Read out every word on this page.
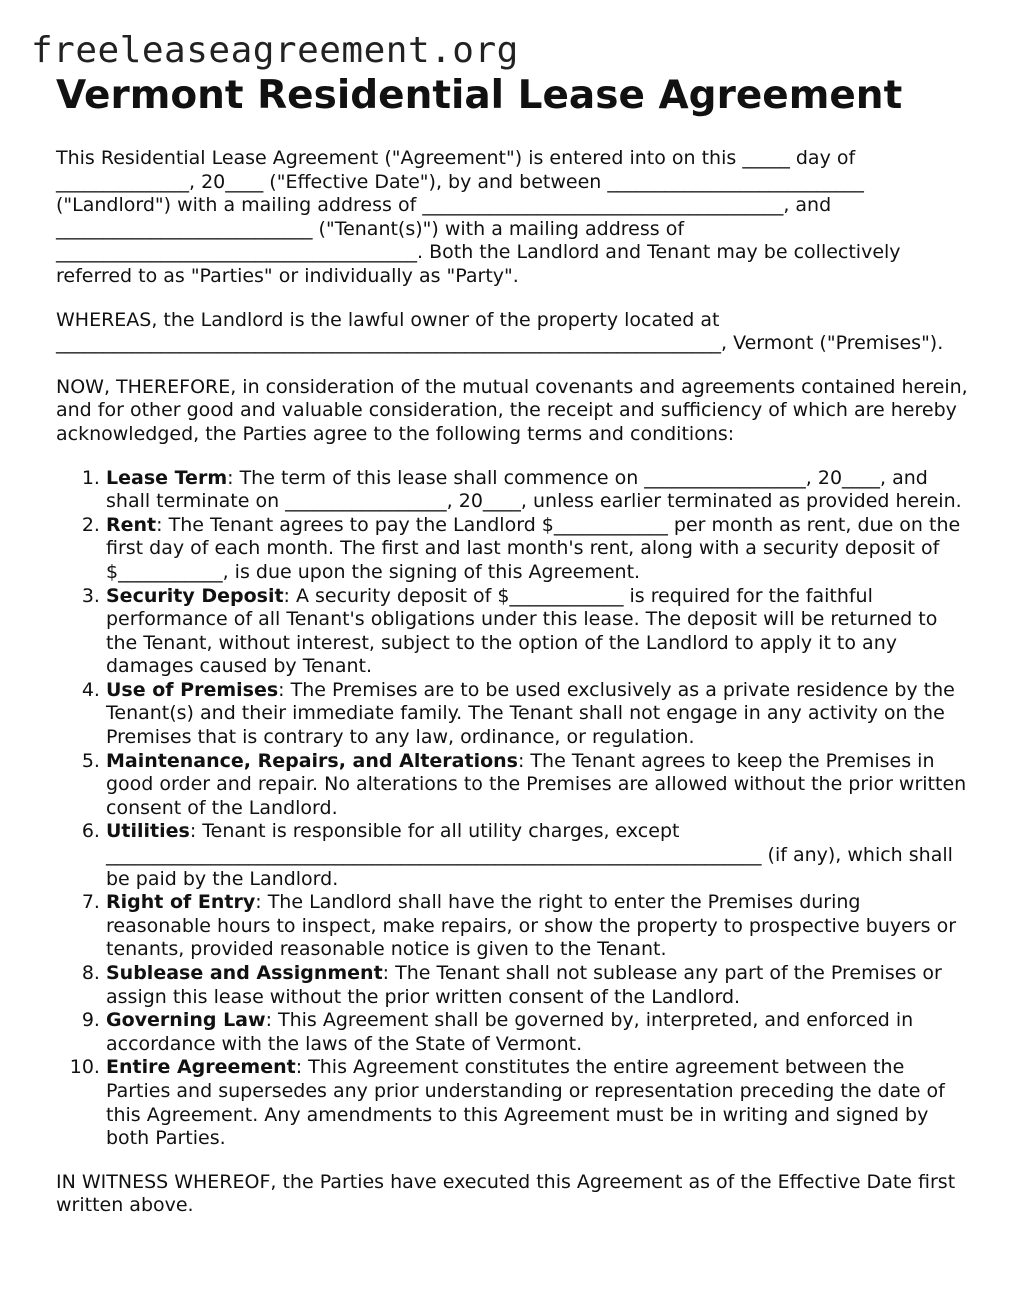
freeleaseagreement.org
Vermont Residential Lease Agreement

This Residential Lease Agreement ("Agreement") is entered into on this _____ day of ______________, 20____ ("Effective Date"), by and between ___________________________ ("Landlord") with a mailing address of ______________________________________, and ___________________________ ("Tenant(s)") with a mailing address of ______________________________________. Both the Landlord and Tenant may be collectively referred to as "Parties" or individually as "Party".

WHEREAS, the Landlord is the lawful owner of the property located at ______________________________________________________________________, Vermont ("Premises").

NOW, THEREFORE, in consideration of the mutual covenants and agreements contained herein, and for other good and valuable consideration, the receipt and sufficiency of which are hereby acknowledged, the Parties agree to the following terms and conditions:

1. Lease Term: The term of this lease shall commence on _________________, 20____, and shall terminate on _________________, 20____, unless earlier terminated as provided herein.
2. Rent: The Tenant agrees to pay the Landlord $____________ per month as rent, due on the first day of each month. The first and last month's rent, along with a security deposit of $___________, is due upon the signing of this Agreement.
3. Security Deposit: A security deposit of $____________ is required for the faithful performance of all Tenant's obligations under this lease. The deposit will be returned to the Tenant, without interest, subject to the option of the Landlord to apply it to any damages caused by Tenant.
4. Use of Premises: The Premises are to be used exclusively as a private residence by the Tenant(s) and their immediate family. The Tenant shall not engage in any activity on the Premises that is contrary to any law, ordinance, or regulation.
5. Maintenance, Repairs, and Alterations: The Tenant agrees to keep the Premises in good order and repair. No alterations to the Premises are allowed without the prior written consent of the Landlord.
6. Utilities: Tenant is responsible for all utility charges, except _____________________________________________________________________ (if any), which shall be paid by the Landlord.
7. Right of Entry: The Landlord shall have the right to enter the Premises during reasonable hours to inspect, make repairs, or show the property to prospective buyers or tenants, provided reasonable notice is given to the Tenant.
8. Sublease and Assignment: The Tenant shall not sublease any part of the Premises or assign this lease without the prior written consent of the Landlord.
9. Governing Law: This Agreement shall be governed by, interpreted, and enforced in accordance with the laws of the State of Vermont.
10. Entire Agreement: This Agreement constitutes the entire agreement between the Parties and supersedes any prior understanding or representation preceding the date of this Agreement. Any amendments to this Agreement must be in writing and signed by both Parties.

IN WITNESS WHEREOF, the Parties have executed this Agreement as of the Effective Date first written above.
